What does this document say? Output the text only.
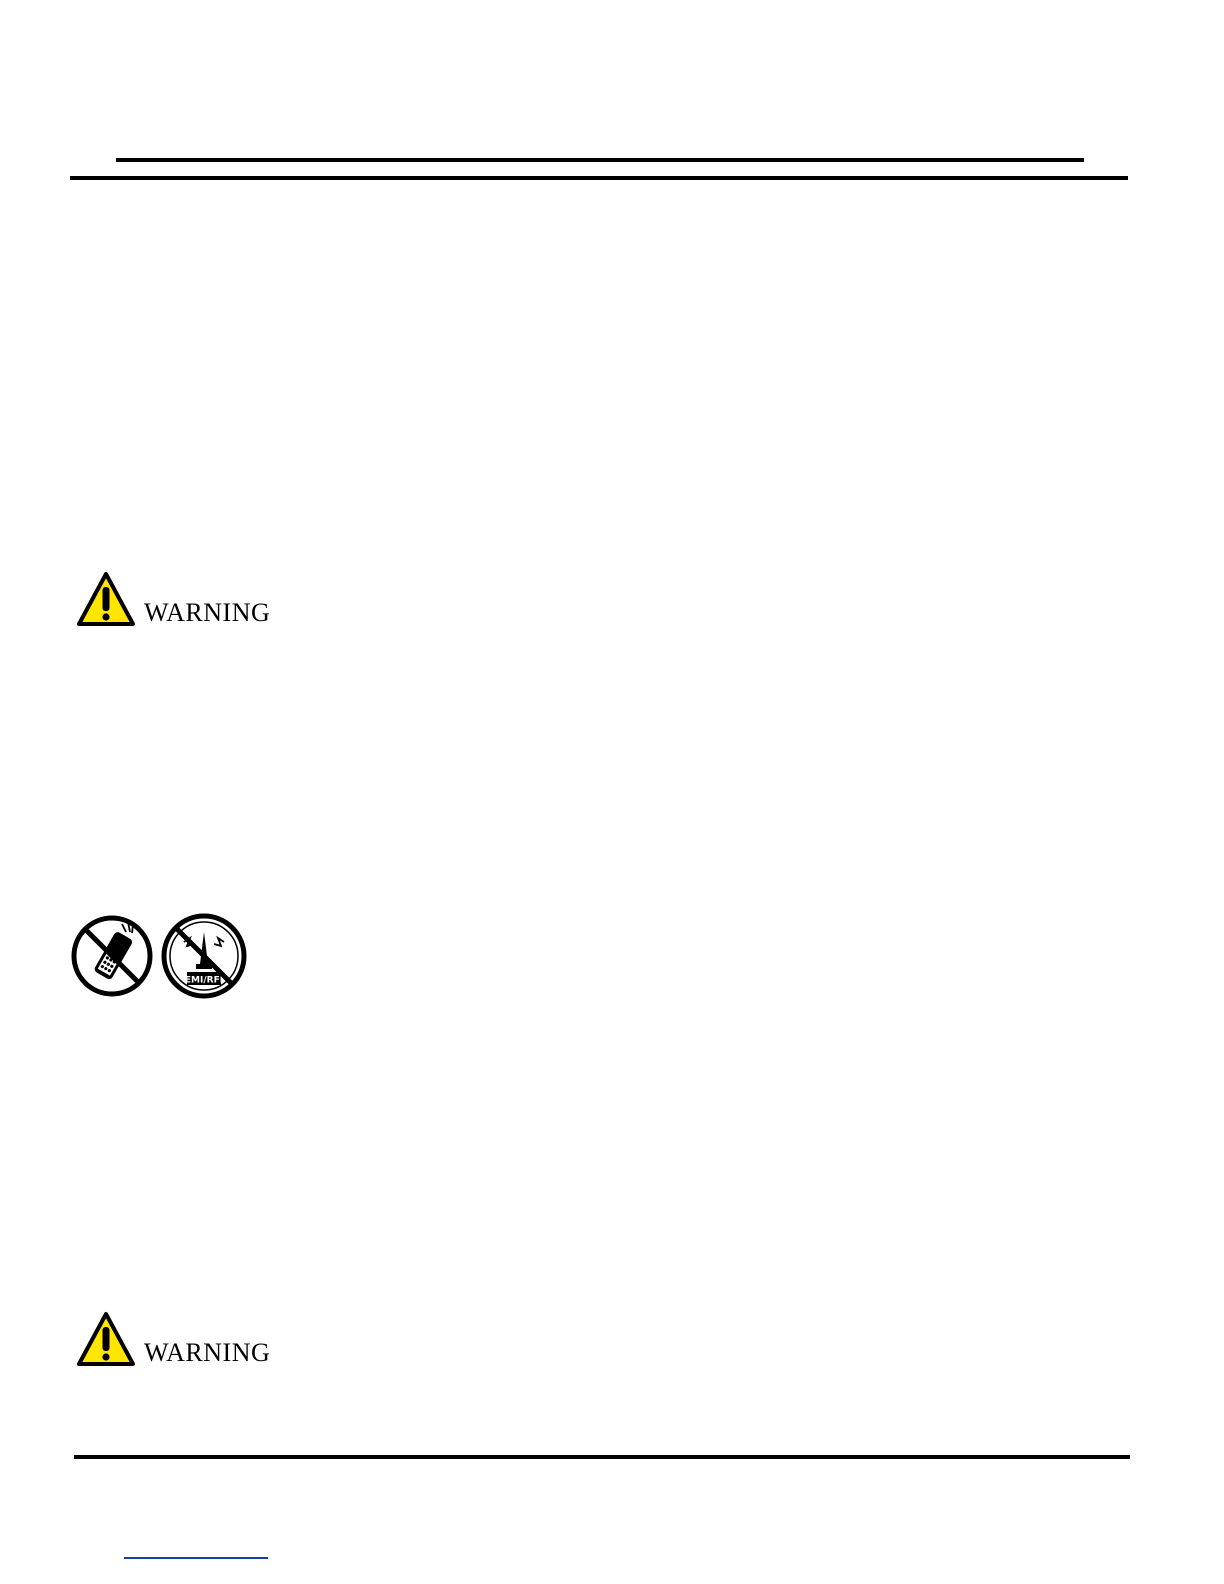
WARNING
EMI/RFI
WARNING
